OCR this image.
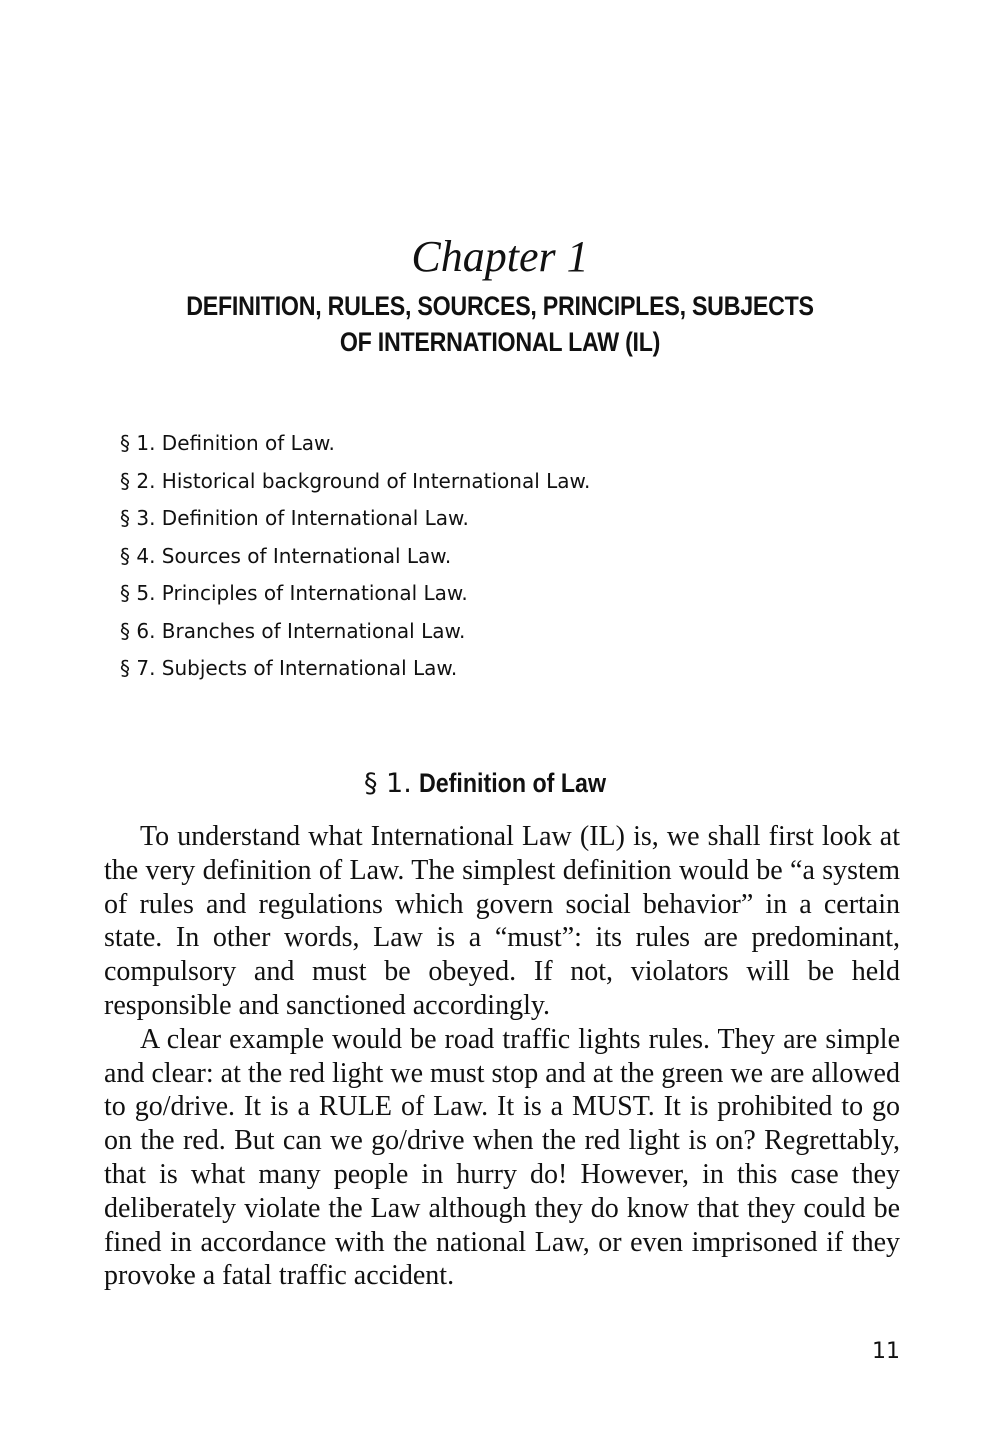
Chapter 1
DEFINITION, RULES, SOURCES, PRINCIPLES, SUBJECTS
OF INTERNATIONAL LAW (IL)
§ 1. Definition of Law.
§ 2. Historical background of International Law.
§ 3. Definition of International Law.
§ 4. Sources of International Law.
§ 5. Principles of International Law.
§ 6. Branches of International Law.
§ 7. Subjects of International Law.
§ 1. Definition of Law

To understand what International Law (IL) is, we shall first look at the very definition of Law. The simplest definition would be “a system of rules and regulations which govern social behavior” in a certain state. In other words, Law is a “must”: its rules are predominant, compulsory and must be obeyed. If not, violators will be held responsible and sanctioned accordingly.

A clear example would be road traffic lights rules. They are simple and clear: at the red light we must stop and at the green we are allowed to go/drive. It is a RULE of Law. It is a MUST. It is prohibited to go on the red. But can we go/drive when the red light is on? Regrettably, that is what many people in hurry do! However, in this case they deliberately violate the Law although they do know that they could be fined in accordance with the national Law, or even imprisoned if they provoke a fatal traffic accident.

11
